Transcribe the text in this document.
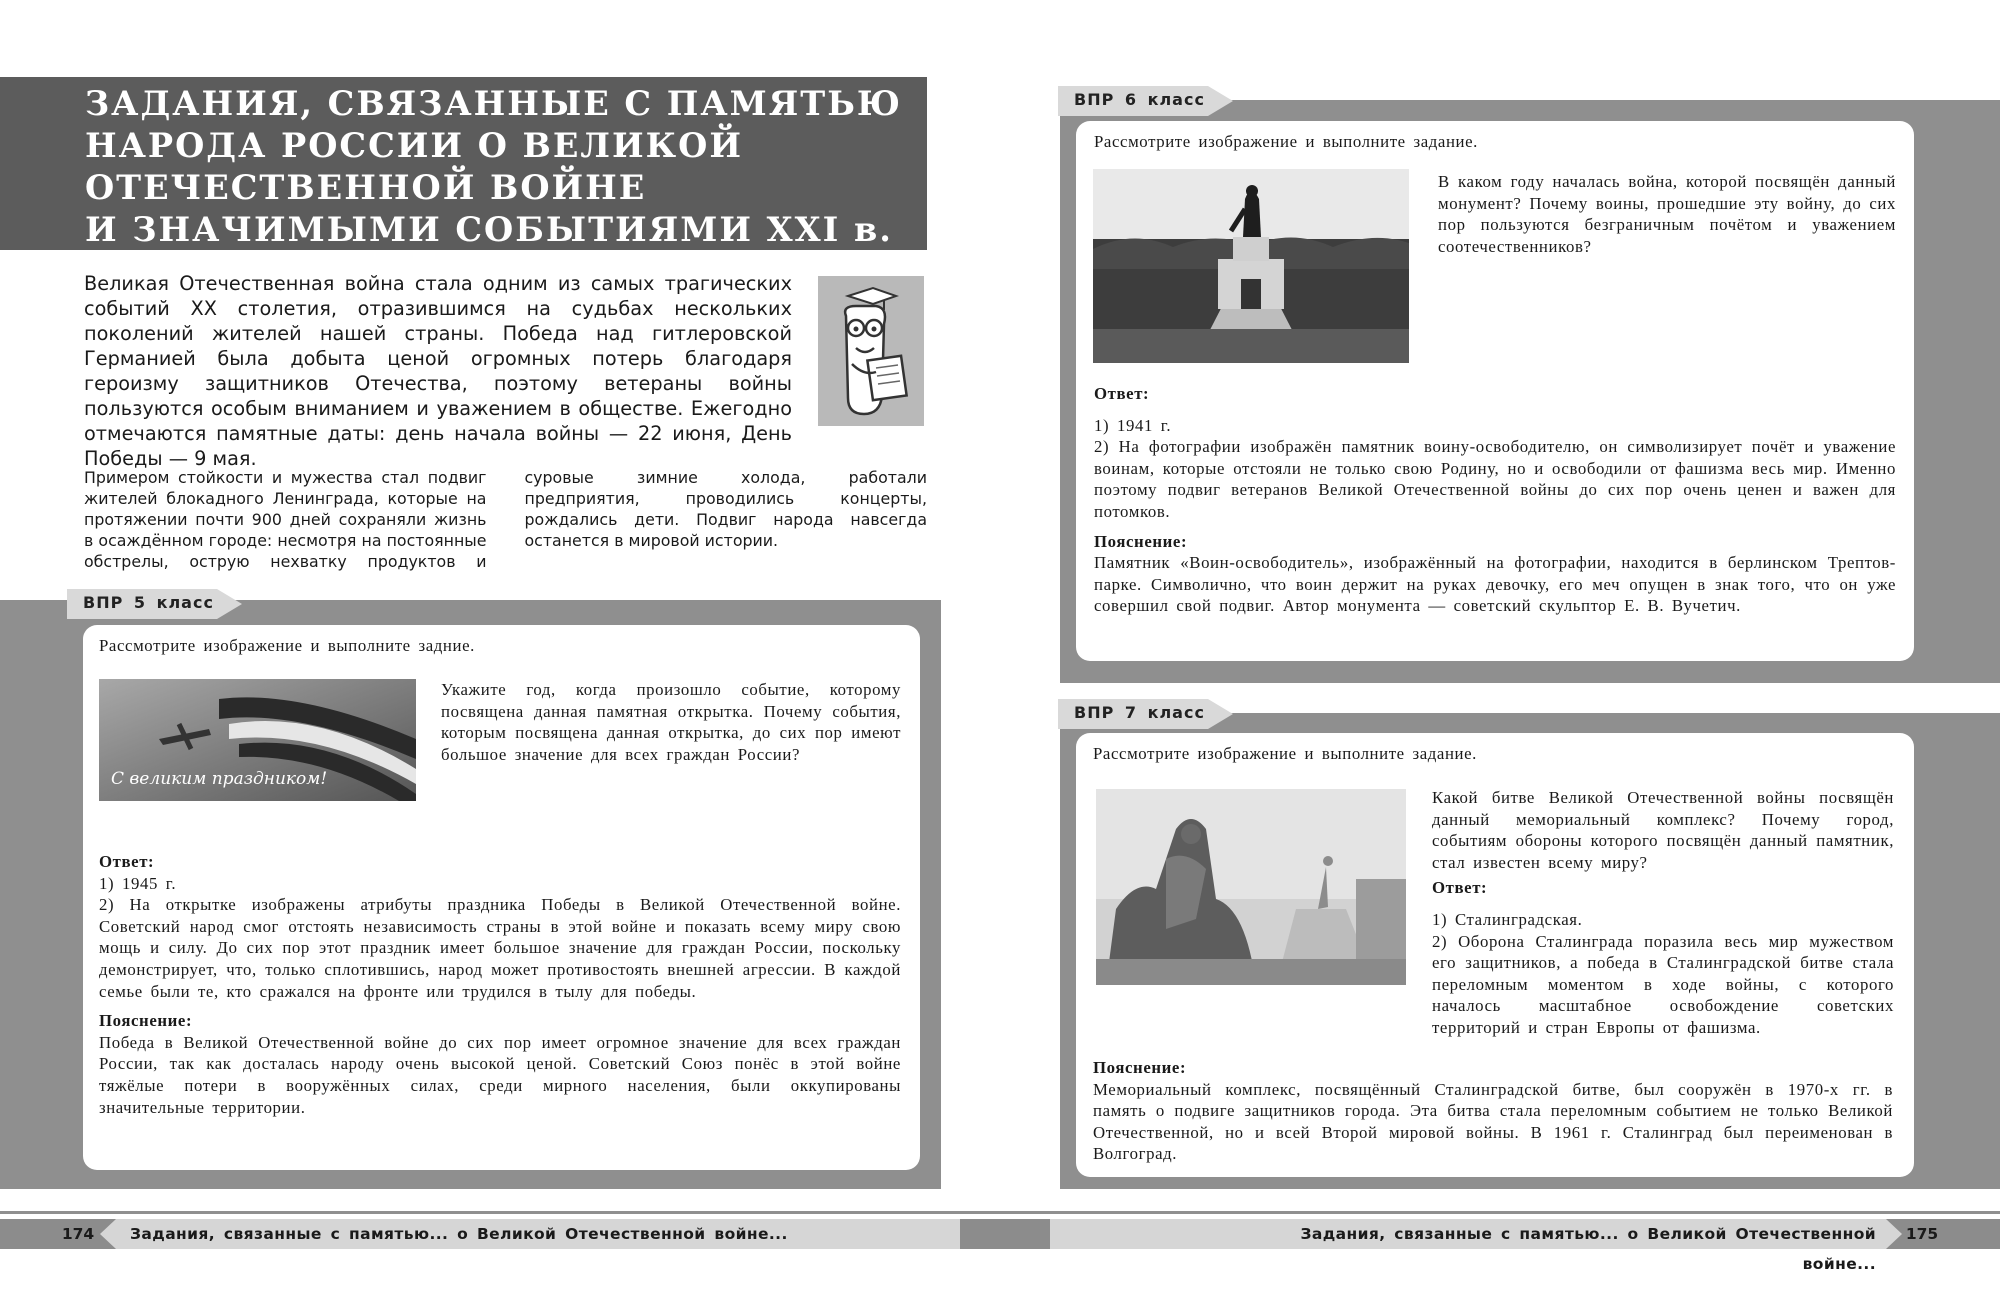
ЗАДАНИЯ, СВЯЗАННЫЕ С ПАМЯТЬЮ
НАРОДА РОССИИ О ВЕЛИКОЙ
ОТЕЧЕСТВЕННОЙ ВОЙНЕ
И ЗНАЧИМЫМИ СОБЫТИЯМИ XXI в.
Великая Отечественная война стала одним из самых трагических событий XX столетия, отразившимся на судьбах нескольких поколений жителей нашей страны. Победа над гитлеровской Германией была добыта ценой огромных потерь благодаря героизму защитников Отечества, поэтому ветераны войны пользуются особым вниманием и уважением в обществе. Ежегодно отмечаются памятные даты: день начала войны — 22 июня, День Победы — 9 мая.

Примером стойкости и мужества стал подвиг жителей блокадного Ленинграда, которые на протяжении почти 900 дней сохраняли жизнь в осаждённом городе: несмотря на постоянные обстрелы, острую нехватку продуктов и суровые зимние холода, работали предприятия, проводились концерты, рождались дети. Подвиг народа навсегда останется в мировой истории.

ВПР 5 класс
Рассмотрите изображение и выполните задние.
С великим праздником!
Укажите год, когда произошло событие, которому посвящена данная памятная открытка. Почему события, которым посвящена данная открытка, до сих пор имеют большое значение для всех граждан России?
Ответ:
1) 1945 г.
2) На открытке изображены атрибуты праздника Победы в Великой Отечественной войне. Советский народ смог отстоять независимость страны в этой войне и показать всему миру свою мощь и силу. До сих пор этот праздник имеет большое значение для граждан России, поскольку демонстрирует, что, только сплотившись, народ может противостоять внешней агрессии. В каждой семье были те, кто сражался на фронте или трудился в тылу для победы.
Пояснение:
Победа в Великой Отечественной войне до сих пор имеет огромное значение для всех граждан России, так как досталась народу очень высокой ценой. Советский Союз понёс в этой войне тяжёлые потери в вооружённых силах, среди мирного населения, были оккупированы значительные территории.
ВПР 6 класс
Рассмотрите изображение и выполните задание.
В каком году началась война, которой посвящён данный монумент? Почему воины, прошедшие эту войну, до сих пор пользуются безграничным почётом и уважением соотечественников?
Ответ:
1) 1941 г.
2) На фотографии изображён памятник воину-освободителю, он символизирует почёт и уважение воинам, которые отстояли не только свою Родину, но и освободили от фашизма весь мир. Именно поэтому подвиг ветеранов Великой Отечественной войны до сих пор очень ценен и важен для потомков.
Пояснение:
Памятник «Воин-освободитель», изображённый на фотографии, находится в берлинском Трептов-парке. Символично, что воин держит на руках девочку, его меч опущен в знак того, что он уже совершил свой подвиг. Автор монумента — советский скульптор Е. В. Вучетич.
ВПР 7 класс
Рассмотрите изображение и выполните задание.
Какой битве Великой Отечественной войны посвящён данный мемориальный комплекс? Почему город, событиям обороны которого посвящён данный памятник, стал известен всему миру?
Ответ:
1) Сталинградская.
2) Оборона Сталинграда поразила весь мир мужеством его защитников, а победа в Сталинградской битве стала переломным моментом в ходе войны, с которого началось масштабное освобождение советских территорий и стран Европы от фашизма.
Пояснение:
Мемориальный комплекс, посвящённый Сталинградской битве, был сооружён в 1970-х гг. в память о подвиге защитников города. Эта битва стала переломным событием не только Великой Отечественной, но и всей Второй мировой войны. В 1961 г. Сталинград был переименован в Волгоград.
174	Задания, связанные с памятью... о Великой Отечественной войне...	Задания, связанные с памятью... о Великой Отечественной войне...
175
